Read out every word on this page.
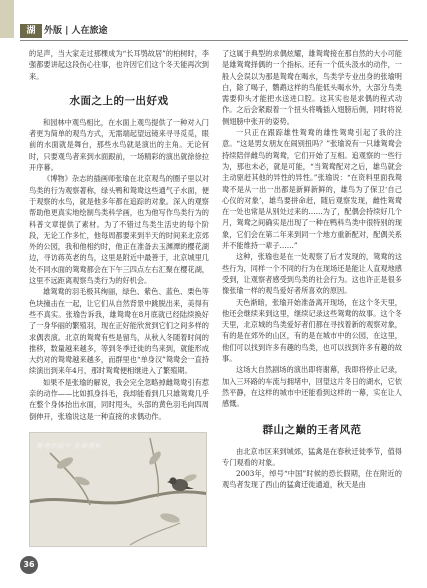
湖 外版 | 人在旅途

的足声，当大家走过那棵成为“长耳鸮故居”的柏树时，李强都要讲起这段伤心往事，也许因它们这个冬天能再次到来。

水面之上的一出好戏

和园林中观鸟相比，在水面上观鸟提供了一种对入门者更为简单的观鸟方式，无需端起望远镜来寻寻觅觅，眼前的水面就是舞台，那些水鸟就是演出的主角。无论何时，只要观鸟者来到水面跟前，一场精彩的演出就徐徐拉开序幕。

《博物》杂志的插画师张瑜在北京观鸟的圈子里以对鸟类的行为观察著称，绿头鸭和鸳鸯这些通气子水面，便于观察的水鸟，就是他多年都在追踪的对象。深入的观察帮助他更真实地绘制鸟类科学画，也为他写作鸟类行为的科普文章提供了素材。为了不错过鸟类生活史的每个阶段，无论工作多忙，他每周都要来到半天的时间来北京郊外的公园，我和他相约时，他正在准备去玉渊潭的樱花湖边，寻访蒋英老的鸟，这里是附近中最善于，北京城里几处不同水面的鸳鸯都会在下午三四点左右汇聚在樱花湖，这里不远距离观察鸟类行为的好机会。

雄鸳鸯的羽毛极其绚丽，绿色、紫色、蓝色、栗色等色块撞击在一起，让它们从自然背景中跳脱出来，美得有些不真实。张瑜告诉我，雄鸳鸯在8月底就已经陆续换好了一身华丽的繁殖羽，现在正好能欣赏到它们之间多样的求偶表演。北京的鸳鸯有些是留鸟，从秋入冬随着时间的推移，数量越来越多，等到冬季迁徙的鸟来到，就能形成大约对的鸳鸯越来越多，而群里也“单身汉”鸳鸯会一直持续演出到来年4月，那时鸳鸯便相继进入了繁殖期。

如果不是张瑜的解说，我会完全忽略掉雌鸳鸯引有惹亲的动作——比如抓身抖毛，我却能看到几只雄鸳鸯几乎在整个身体抬出水面，同时甩头，头部的黄色羽毛向四周倒伸开，张瑜说这是一种直接的求偶动作。

鸳鸯伴游中 张瑜摄影

了这属于典型的求偶炫耀，雄鸳鸯接在那自然的大小可能是雄鸳鸯择偶的一个指标。还有一个低头汲水的动作，一般人会误以为那是鸳鸯在喝水，鸟类学专业出身的张瑜明白，除了喝子，鹦鹉这样的鸟能低头喝水外，大部分鸟类需要仰头才能把水送进口腔。这其实也是求偶的程式动作。之后会紧跟着一个扭头将嘴插入翅膀后侧，同时将说侧翅膀中张开的姿势。

一只正在跟踪雄性鸳鸯的雄性鸳鸯引起了我的注意。“这是男女朋友在闹别扭吗？”张瑜说有一只雄鸳鸯会持续陪伴雌鸟的鸳鸯，它们开始了互相。追观察的一些行为，那也未必，就是可能，“当鸳鸯配对之后，雄鸟就会主动驱赶其他的异性的异性。”张瑜说：“在资料里面我鸳鸯不是从一出一出都是新鲜新鲜的，雄鸟为了保卫‘自己心仪的对象’，雄鸟要拼命赶，随后观察发现，雌性鸳鸯在一处也常是从别处过来的……为了，配偶会持续好几个月，鸳鸯之间确实是出现了一种在鸭科鸟类中很特别的现象，它们会在第二年来到同一个地方重新配对，配偶关系并不能维持一辈子……”

这种，张瑜也是在一处观察了后才发现的，鸳鸯的这些行为，同样一个不同的行为在现场还是能让人直观地感受到，让观察者感受到鸟类的社会行为。这也许正是很多像张瑜一样的观鸟爱好者所喜欢的原因。

天色渐暗，张瑜开始准备离开现场，在这个冬天里，他还会继续来到这里，继续记录这些鸳鸯的故事。这个冬天里，北京城的鸟类爱好者们都在寻找着新的观察对象，有的是在郊外的山区，有的是在城市中的公园，在这里，他们可以找到许多有趣的鸟类，也可以找到许多有趣的故事。

这场大自然剧场的演出即将谢幕，我即将停止记录，加入三环路的车流与拥堵中，回望这片冬日的湖水，它依然平静，在这样的城市中还能看到这样的一幕，实在让人感慨。

群山之巅的王者风范

由北京市区来到城郊，猛禽是在春秋迁徙季节，值得专门观看的对象。

2003年，绰号“中国”时候的恐长假期，住在附近的观鸟者发现了西山的猛禽迁徙通道，秋天是由

36
